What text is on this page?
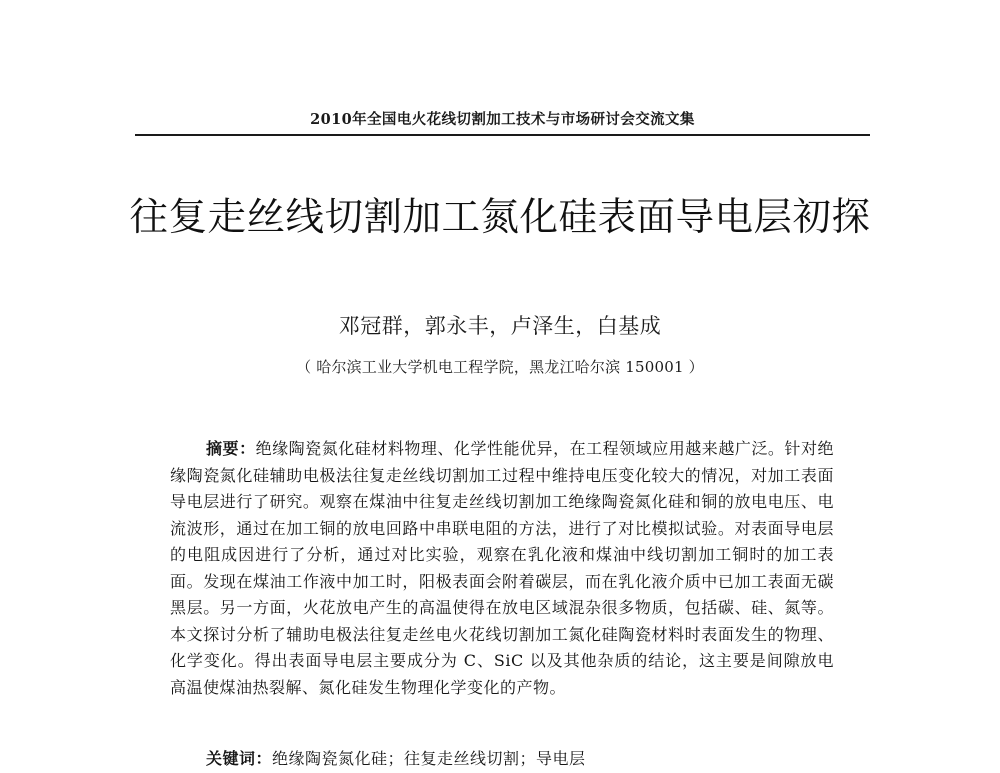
2010年全国电火花线切割加工技术与市场研讨会交流文集
往复走丝线切割加工氮化硅表面导电层初探
邓冠群，郭永丰，卢泽生，白基成
（ 哈尔滨工业大学机电工程学院，黑龙江哈尔滨 150001 ）
摘要：绝缘陶瓷氮化硅材料物理、化学性能优异，在工程领域应用越来越广泛。针对绝缘陶瓷氮化硅辅助电极法往复走丝线切割加工过程中维持电压变化较大的情况，对加工表面导电层进行了研究。观察在煤油中往复走丝线切割加工绝缘陶瓷氮化硅和铜的放电电压、电流波形，通过在加工铜的放电回路中串联电阻的方法，进行了对比模拟试验。对表面导电层的电阻成因进行了分析，通过对比实验，观察在乳化液和煤油中线切割加工铜时的加工表面。发现在煤油工作液中加工时，阳极表面会附着碳层，而在乳化液介质中已加工表面无碳黑层。另一方面，火花放电产生的高温使得在放电区域混杂很多物质，包括碳、硅、氮等。本文探讨分析了辅助电极法往复走丝电火花线切割加工氮化硅陶瓷材料时表面发生的物理、化学变化。得出表面导电层主要成分为 C、SiC 以及其他杂质的结论，这主要是间隙放电高温使煤油热裂解、氮化硅发生物理化学变化的产物。
关键词：绝缘陶瓷氮化硅；往复走丝线切割；导电层
